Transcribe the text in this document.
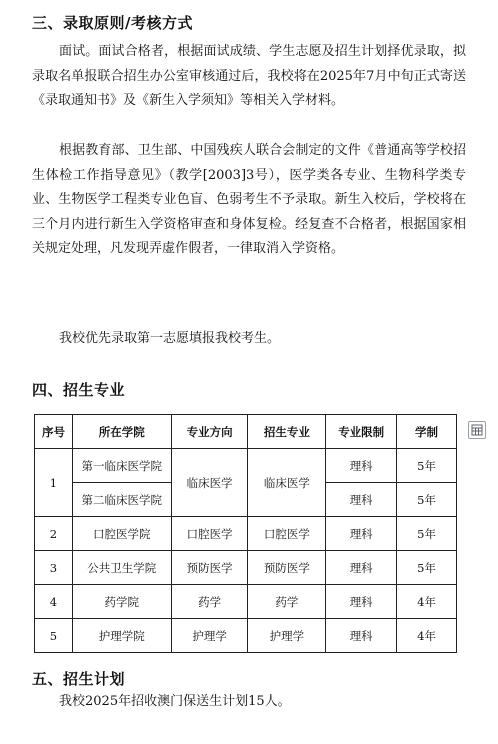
三、录取原则/考核方式
面试。面试合格者，根据面试成绩、学生志愿及招生计划择优录取，拟录取名单报联合招生办公室审核通过后，我校将在2025年7月中旬正式寄送《录取通知书》及《新生入学须知》等相关入学材料。
根据教育部、卫生部、中国残疾人联合会制定的文件《普通高等学校招生体检工作指导意见》（教学[2003]3号），医学类各专业、生物科学类专业、生物医学工程类专业色盲、色弱考生不予录取。新生入校后，学校将在三个月内进行新生入学资格审查和身体复检。经复查不合格者，根据国家相关规定处理，凡发现弄虚作假者，一律取消入学资格。
我校优先录取第一志愿填报我校考生。
四、招生专业
序号	所在学院	专业方向	招生专业	专业限制	学制
1	第一临床医学院	临床医学	临床医学	理科	5年
	第二临床医学院			理科	5年
2	口腔医学院	口腔医学	口腔医学	理科	5年
3	公共卫生学院	预防医学	预防医学	理科	5年
4	药学院	药学	药学	理科	4年
5	护理学院	护理学	护理学	理科	4年
五、招生计划
我校2025年招收澳门保送生计划15人。
